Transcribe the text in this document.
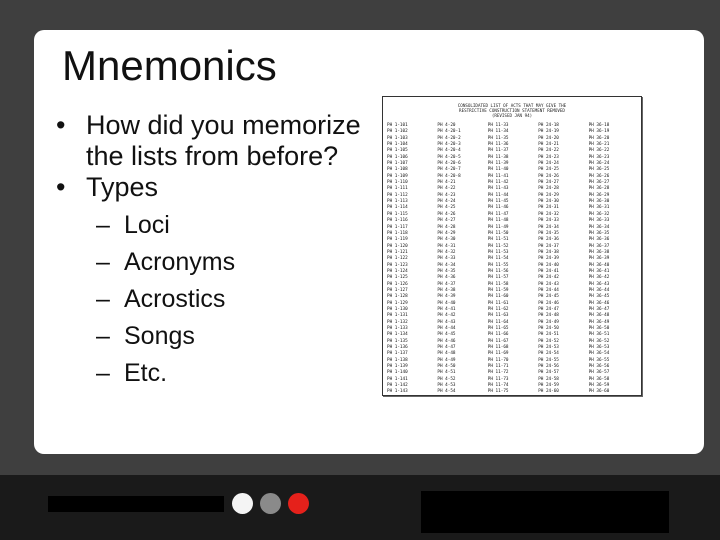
Mnemonics
• How did you memorize the lists from before?
• Types
– Loci
– Acronyms
– Acrostics
– Songs
– Etc.
CONSOLIDATED LIST OF ACTS THAT MAY GIVE THE
RESTRICTIVE CONSTRUCTION STATEMENT REMOVED
(REVISED JAN 94)
PH 1-101
PH 1-102
PH 1-103
PH 1-104
PH 1-105
PH 1-106
PH 1-107
PH 1-108
PH 1-109
PH 1-110
PH 1-111
PH 1-112
PH 1-113
PH 1-114
PH 1-115
PH 1-116
PH 1-117
PH 1-118
PH 1-119
PH 1-120
PH 1-121
PH 1-122
PH 1-123
PH 1-124
PH 1-125
PH 1-126
PH 1-127
PH 1-128
PH 1-129
PH 1-130
PH 1-131
PH 1-132
PH 1-133
PH 1-134
PH 1-135
PH 1-136
PH 1-137
PH 1-138
PH 1-139
PH 1-140
PH 1-141
PH 1-142
PH 1-143
PH 4-20
PH 4-20-1
PH 4-20-2
PH 4-20-3
PH 4-20-4
PH 4-20-5
PH 4-20-6
PH 4-20-7
PH 4-20-8
PH 4-21
PH 4-22
PH 4-23
PH 4-24
PH 4-25
PH 4-26
PH 4-27
PH 4-28
PH 4-29
PH 4-30
PH 4-31
PH 4-32
PH 4-33
PH 4-34
PH 4-35
PH 4-36
PH 4-37
PH 4-38
PH 4-39
PH 4-40
PH 4-41
PH 4-42
PH 4-43
PH 4-44
PH 4-45
PH 4-46
PH 4-47
PH 4-48
PH 4-49
PH 4-50
PH 4-51
PH 4-52
PH 4-53
PH 4-54
PH 11-33
PH 11-34
PH 11-35
PH 11-36
PH 11-37
PH 11-38
PH 11-39
PH 11-40
PH 11-41
PH 11-42
PH 11-43
PH 11-44
PH 11-45
PH 11-46
PH 11-47
PH 11-48
PH 11-49
PH 11-50
PH 11-51
PH 11-52
PH 11-53
PH 11-54
PH 11-55
PH 11-56
PH 11-57
PH 11-58
PH 11-59
PH 11-60
PH 11-61
PH 11-62
PH 11-63
PH 11-64
PH 11-65
PH 11-66
PH 11-67
PH 11-68
PH 11-69
PH 11-70
PH 11-71
PH 11-72
PH 11-73
PH 11-74
PH 11-75
PH 24-18
PH 24-19
PH 24-20
PH 24-21
PH 24-22
PH 24-23
PH 24-24
PH 24-25
PH 24-26
PH 24-27
PH 24-28
PH 24-29
PH 24-30
PH 24-31
PH 24-32
PH 24-33
PH 24-34
PH 24-35
PH 24-36
PH 24-37
PH 24-38
PH 24-39
PH 24-40
PH 24-41
PH 24-42
PH 24-43
PH 24-44
PH 24-45
PH 24-46
PH 24-47
PH 24-48
PH 24-49
PH 24-50
PH 24-51
PH 24-52
PH 24-53
PH 24-54
PH 24-55
PH 24-56
PH 24-57
PH 24-58
PH 24-59
PH 24-60
PH 36-18
PH 36-19
PH 36-20
PH 36-21
PH 36-22
PH 36-23
PH 36-24
PH 36-25
PH 36-26
PH 36-27
PH 36-28
PH 36-29
PH 36-30
PH 36-31
PH 36-32
PH 36-33
PH 36-34
PH 36-35
PH 36-36
PH 36-37
PH 36-38
PH 36-39
PH 36-40
PH 36-41
PH 36-42
PH 36-43
PH 36-44
PH 36-45
PH 36-46
PH 36-47
PH 36-48
PH 36-49
PH 36-50
PH 36-51
PH 36-52
PH 36-53
PH 36-54
PH 36-55
PH 36-56
PH 36-57
PH 36-58
PH 36-59
PH 36-60
